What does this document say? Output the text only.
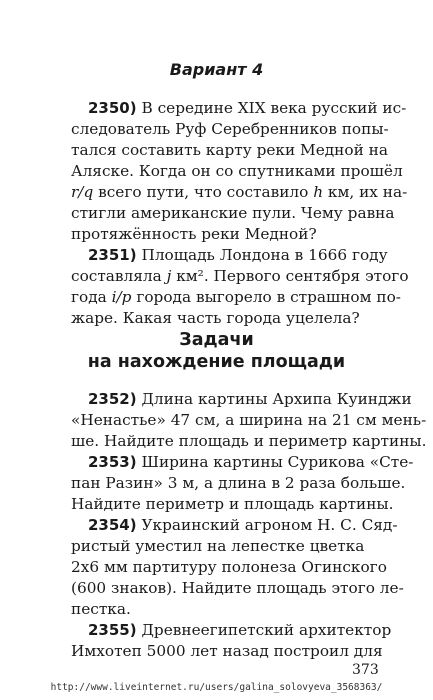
Вариант 4
2350) В середине XIX века русский ис-
следователь Руф Серебренников попы-
тался составить карту реки Медной на
Аляске. Когда он со спутниками прошёл
r/q всего пути, что составило h км, их на-
стигли американские пули. Чему равна
протяжённость реки Медной?
2351) Площадь Лондона в 1666 году
составляла j км². Первого сентября этого
года i/p города выгорело в страшном по-
жаре. Какая часть города уцелела?
Задачи
на нахождение площади
2352) Длина картины Архипа Куинджи
«Ненастье» 47 см, а ширина на 21 см мень-
ше. Найдите площадь и периметр картины.
2353) Ширина картины Сурикова «Сте-
пан Разин» 3 м, а длина в 2 раза больше.
Найдите периметр и площадь картины.
2354) Украинский агроном Н. С. Сяд-
ристый уместил на лепестке цветка
2х6 мм партитуру полонеза Огинского
(600 знаков). Найдите площадь этого ле-
пестка.
2355) Древнеегипетский архитектор
Имхотеп 5000 лет назад построил для
373
http://www.liveinternet.ru/users/galina_solovyeva_3568363/
